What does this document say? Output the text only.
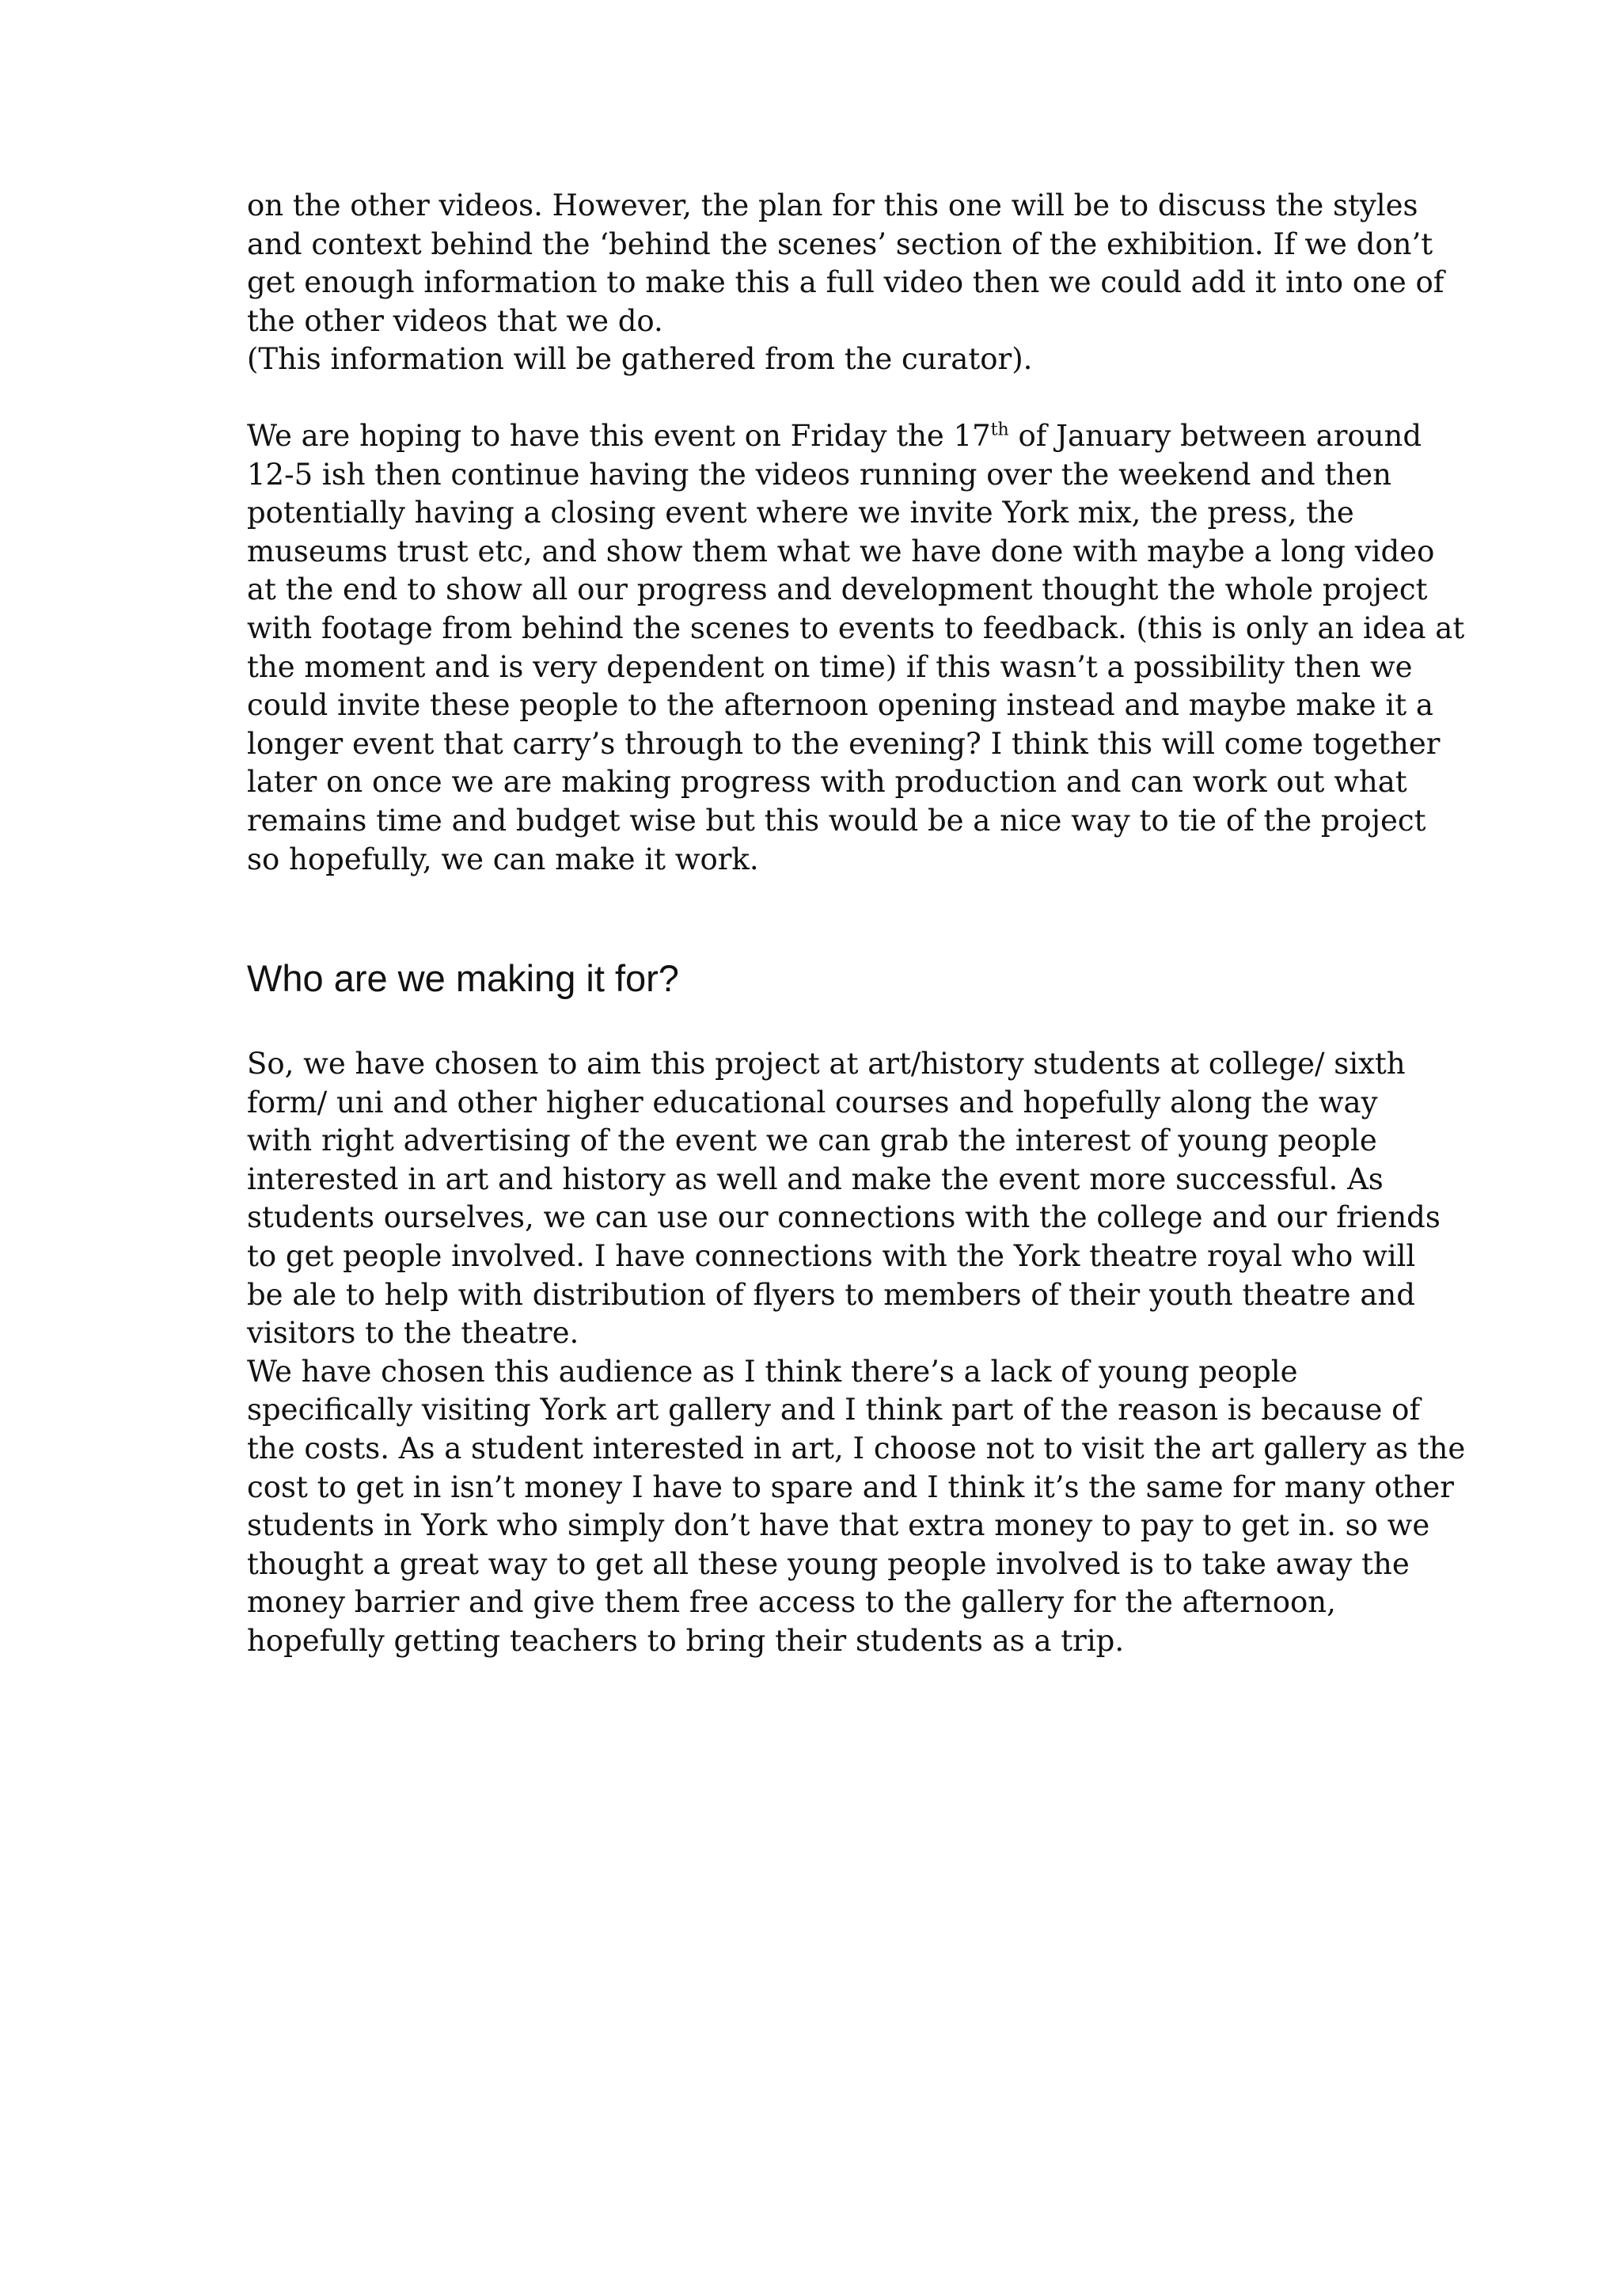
on the other videos. However, the plan for this one will be to discuss the styles
and context behind the ‘behind the scenes’ section of the exhibition. If we don’t
get enough information to make this a full video then we could add it into one of
the other videos that we do.
(This information will be gathered from the curator).
We are hoping to have this event on Friday the 17th of January between around
12-5 ish then continue having the videos running over the weekend and then
potentially having a closing event where we invite York mix, the press, the
museums trust etc, and show them what we have done with maybe a long video
at the end to show all our progress and development thought the whole project
with footage from behind the scenes to events to feedback. (this is only an idea at
the moment and is very dependent on time) if this wasn’t a possibility then we
could invite these people to the afternoon opening instead and maybe make it a
longer event that carry’s through to the evening? I think this will come together
later on once we are making progress with production and can work out what
remains time and budget wise but this would be a nice way to tie of the project
so hopefully, we can make it work.
Who are we making it for?
So, we have chosen to aim this project at art/history students at college/ sixth
form/ uni and other higher educational courses and hopefully along the way
with right advertising of the event we can grab the interest of young people
interested in art and history as well and make the event more successful. As
students ourselves, we can use our connections with the college and our friends
to get people involved. I have connections with the York theatre royal who will
be ale to help with distribution of flyers to members of their youth theatre and
visitors to the theatre.
We have chosen this audience as I think there’s a lack of young people
specifically visiting York art gallery and I think part of the reason is because of
the costs. As a student interested in art, I choose not to visit the art gallery as the
cost to get in isn’t money I have to spare and I think it’s the same for many other
students in York who simply don’t have that extra money to pay to get in. so we
thought a great way to get all these young people involved is to take away the
money barrier and give them free access to the gallery for the afternoon,
hopefully getting teachers to bring their students as a trip.
